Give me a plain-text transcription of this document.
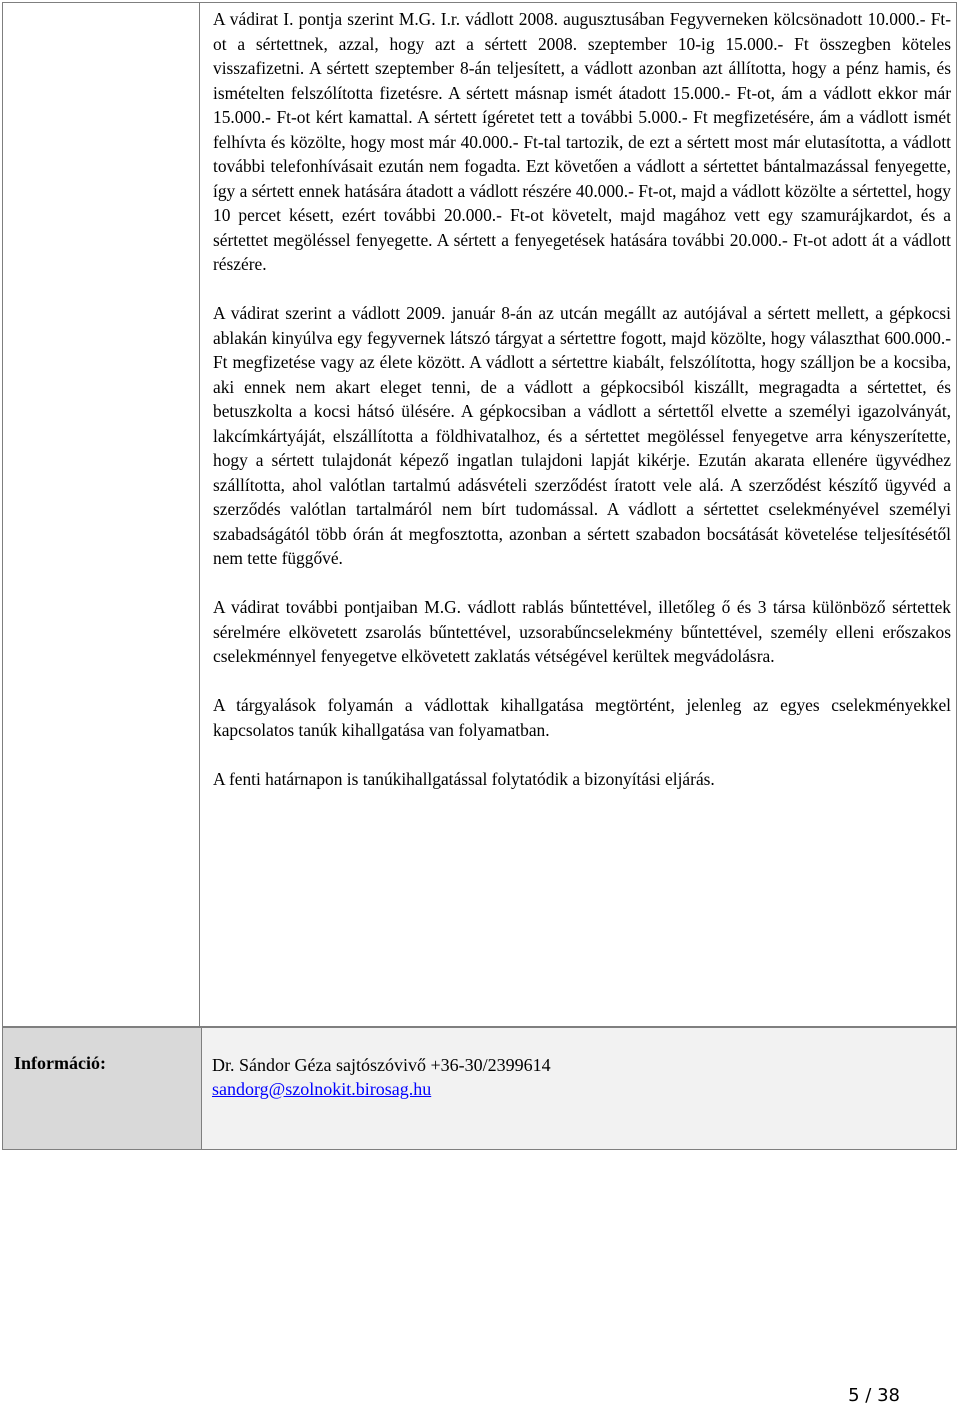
A vádirat I. pontja szerint M.G. I.r. vádlott 2008. augusztusában Fegyverneken kölcsönadott 10.000.- Ft-ot a sértettnek, azzal, hogy azt a sértett 2008. szeptember 10-ig 15.000.- Ft összegben köteles visszafizetni. A sértett szeptember 8-án teljesített, a vádlott azonban azt állította, hogy a pénz hamis, és ismételten felszólította fizetésre. A sértett másnap ismét átadott 15.000.- Ft-ot, ám a vádlott ekkor már 15.000.- Ft-ot kért kamattal. A sértett ígéretet tett a további 5.000.- Ft megfizetésére, ám a vádlott ismét felhívta és közölte, hogy most már 40.000.- Ft-tal tartozik, de ezt a sértett most már elutasította, a vádlott további telefonhívásait ezután nem fogadta. Ezt követően a vádlott a sértettet bántalmazással fenyegette, így a sértett ennek hatására átadott a vádlott részére 40.000.- Ft-ot, majd a vádlott közölte a sértettel, hogy 10 percet késett, ezért további 20.000.- Ft-ot követelt, majd magához vett egy szamurájkardot, és a sértettet megöléssel fenyegette. A sértett a fenyegetések hatására további 20.000.- Ft-ot adott át a vádlott részére.

A vádirat szerint a vádlott 2009. január 8-án az utcán megállt az autójával a sértett mellett, a gépkocsi ablakán kinyúlva egy fegyvernek látszó tárgyat a sértettre fogott, majd közölte, hogy választhat 600.000.- Ft megfizetése vagy az élete között. A vádlott a sértettre kiabált, felszólította, hogy szálljon be a kocsiba, aki ennek nem akart eleget tenni, de a vádlott a gépkocsiból kiszállt, megragadta a sértettet, és betuszkolta a kocsi hátsó ülésére. A gépkocsiban a vádlott a sértettől elvette a személyi igazolványát, lakcímkártyáját, elszállította a földhivatalhoz, és a sértettet megöléssel fenyegetve arra kényszerítette, hogy a sértett tulajdonát képező ingatlan tulajdoni lapját kikérje. Ezután akarata ellenére ügyvédhez szállította, ahol valótlan tartalmú adásvételi szerződést íratott vele alá. A szerződést készítő ügyvéd a szerződés valótlan tartalmáról nem bírt tudomással. A vádlott a sértettet cselekményével személyi szabadságától több órán át megfosztotta, azonban a sértett szabadon bocsátását követelése teljesítésétől nem tette függővé.

A vádirat további pontjaiban M.G. vádlott rablás bűntettével, illetőleg ő és 3 társa különböző sértettek sérelmére elkövetett zsarolás bűntettével, uzsorabűncselekmény bűntettével, személy elleni erőszakos cselekménnyel fenyegetve elkövetett zaklatás vétségével kerültek megvádolásra.

A tárgyalások folyamán a vádlottak kihallgatása megtörtént, jelenleg az egyes cselekményekkel kapcsolatos tanúk kihallgatása van folyamatban.

A fenti határnapon is tanúkihallgatással folytatódik a bizonyítási eljárás.

Információ:	Dr. Sándor Géza sajtószóvivő +36-30/2399614
sandorg@szolnokit.birosag.hu
5 / 38
